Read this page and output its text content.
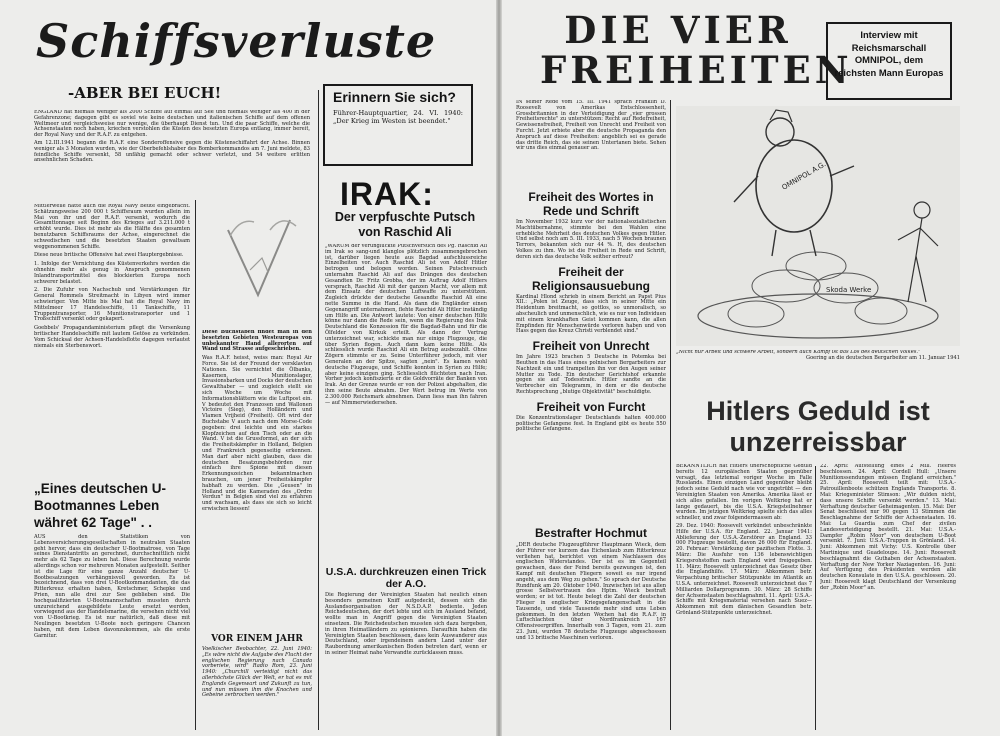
Schiffsverluste
-ABER BEI EUCH!	Erinnern Sie sich?
Führer-Hauptquartier, 24. VI. 1940: „Der Krieg im Westen ist beendet."

ENGLAND hat niemals weniger als 2000 Schiffe auf einmal auf See und niemals weniger als 400 in der Gefahrenzone; dagegen gibt es soviel wie keine deutschen und italienischen Schiffe auf dem offenen Weltmeer und vergleichsweise nur wenige, die überhaupt Dienst tun. Und die paar Schiffe, welche die Achsenstaaten noch haben, kriechen verstohlen die Küsten des besetzten Europa entlang, immer bereit, der Royal Navy und der R.A.F. zu entgehen.

Am 12.III.1941 begann die R.A.F. eine Sonderoffensive gegen die Küstenschiffahrt der Achse. Binnen weniger als 3 Monaten wurden, wie der Oberbefehlshaber des Bomberkommandos am 7. Juni meldete, 83 feindliche Schiffe versenkt, 58 unfähig gemacht oder schwer verletzt, und 54 weitere erlitten ansehnlichen Schaden.

Mittlerweile hatte auch die Royal Navy Beute eingebracht. Schätzungsweise 200 000 t Schiffsraum wurden allein im Mai von ihr und der R.A.F. versenkt, wodurch die Gesamttonnage seit Beginn des Krieges auf 3.211.000 t erhöht wurde. Dies ist mehr als die Hälfte des gesamten benutzbaren Schiffsraums der Achse, eingerechnet die schwedischen und die besetzten Staaten gewaltsam weggenommenen Schiffe.

Diese neue britische Offensive hat zwei Hauptergebnisse.

1. Infolge der Vernichtung des Küstenverkehrs werden die ohnehin mehr als genug in Anspruch genommenen Inlandtransportmittel des blockierten Europa noch schwerer belastet.

2. Die Zufuhr von Nachschub und Verstärkungen für General Rommels Streitmacht in Libyen wird immer schwieriger. Von Mitte bis Mai hat die Royal Navy im Mittelmeer 17 Handelsschiffe, 11 Tankschiffe, 11 Truppentransporter, 16 Munitionstransporter und 1 Troßschiff versenkt oder gekapert.

Goebbels' Propagandaministerium pflegt die Versenkung britischer Handelsschiffe mit lautem Getöse zu verkünden. Vom Schicksal der Achsen-Handelsflotte dagegen verlautet niemals ein Sterbenswort.

„Eines deutschen U-Bootmannes Leben währet 62 Tage" . .

AUS den Statistiken von Lebensversicherungsgesellschaften in neutralen Staaten geht hervor, dass ein deutscher U-Bootmatrose, von Tage seines Dienstantritts an gerechnet, durchschnittlich nicht mehr als 62 Tage zu leben hat. Diese Berechnung wurde allerdings schon vor mehreren Monaten aufgestellt. Seither ist die Lage für eine ganze Anzahl deutscher U-Bootbesatzungen verhängnisvoll geworden. Es ist bezeichnend, dass von drei U-Bootkommandanten, die das Ritterkreuz erhalten haben, Kretschmer, Schepke und Prien, nun alle drei zur See geblieben sind. Die hochqualifizierten U-Bootmannschaften mussten durch unzureichend ausgebildete Leute ersetzt werden, vorwiegend aus der Handelsmarine, die versehen nicht viel von U-Bootkrieg. Es ist nur natürlich, daß diese mit Neulingen besetzten U-Boote noch geringere Chancen haben, mit dem Leben davonzukommen, als die erste Garnitur.

Diese Buchstaben findet man in den besetzten Gebieten Westeuropas von unbekannter Hand allerorten auf Wand und Strasse aufgeschrieben.

Was R.A.F. heisst, weiss man: Royal Air Force. Sie ist der Freund der versklavten Nationen. Sie vernichtet die Ölbanks, Kasernen, Munitionslager, Invasionsbarken und Docks der deutschen Gewalthaber — und zugleich stellt sie sich Woche um Woche mit Informationsblättern wie die Luftpost ein. V bedeutet den Franzosen und Wallonen Victoire (Sieg), den Holländern und Vlamen Vrijheid (Freiheit). Oft wird der Buchstabe V auch nach dem Morse-Code gegeben: drei leichte und ein starkes Klopfzeichen auf den Tisch oder an die Wand. V ist die Grussformel, an der sich die Freiheitskämpfer in Holland, Belgien und Frankreich gegenseitig erkennen. Man darf aber nicht glauben, dass die deutschen Besatzungsbehörden nur einfach ihre Spione mit diesen Erkennungszeichen bekanntmachen brauchen, um jener Freiheitskämpfer habhaft zu werden. Die „Geusen" in Holland und die Kameraden des „Ordre Verdun" in Belgien sind viel zu erfahren und wachsam, als dass sie sich so leicht erwischen liessen!

VOR EINEM JAHR

Voelkischer Beobachter, 22. Juni 1940: „Es wäre nicht die Aufgabe des Flucht der englischen Regierung nach Canada vorberiete, wird" Radio Rom, 23. Juni 1940: „Churchill verteidigt nicht das allerhöchste Glück der Welt, er hat es mit Englands Gegenwart und Zukunft zu tun, und nun müssen ihm die Knochen und Gebeine zerbrochen werden."

IRAK:
Der verpfuschte Putsch von Raschid Ali

„WARUM der verunglückte Putschversuch des Pg. Raschid Ali im Irak so sang-und klanglos plötzlich zusammengebrochen ist, darüber liegen heute aus Bagdad aufschlussreiche Einzelheiten vor. Auch Raschid Ali ist von Adolf Hitler betrogen und belogen worden. Seinen Putschversuch unternahm Raschid Ali auf das Drängen des deutschen Gesandten Dr. Fritz Grobba, der im Auftrag Adolf Hitlers versprach, Raschid Ali mit der ganzen Macht, vor allem mit dem Einsatz der deutschen Luftwaffe zu unterstützen. Zugleich drückte der deutsche Gesandte Raschid Ali eine nette Summe in die Hand. Als dann die Engländer einen Gegenangriff unternahmen, flehte Raschid Ali Hitler inständig um Hilfe an. Die Antwort lautete: Von einer deutschen Hilfe könne nur dann die Rede sein, wenn die Regierung des Irak Deutschland die Konzession für die Bagdad-Bahn und für die Ölfelder von Kirkuk erteilt. Als dann der Vertrag unterzeichnet war, schickte man nur einige Flugzeuge, die über Syrien flogen. Auch dann kam keine Hilfe. Als schliesslich wurde Raschid Ali ein Betrag ausbezahlt. Ohne Zögern stimmte er zu. Seine Unterführer jedoch, mit vier Generalen an der Spitze, sagten „nein". Es kamen wohl deutsche Flugzeuge, und Schiffe konnten in Syrien zu Hilfe; aber keine einzigen ging. Schliesslich flüchteten nach Iran. Vorher jedoch konfiszierte er die Goldvorräte der Banken von Irak. An der Grenze wurde er von der Polizei abgehalten, die ihm seine Beute abnahm. Der Wert betrug im Werte von 2.300.000 Reichsmark abnehmen. Dann liess man ihn fahren — auf Nimmerwiedersehen.

U.S.A. durchkreuzen einen Trick der A.O.

Die Regierung der Vereinigten Staaten hat neulich einen besonders gemeinen Kniff aufgedeckt, dessen sich die Auslandsorganisation der N.S.D.A.P. bediente. Jeden Reichsdeutschen, der dort lebte und sich im Ausland befand, wollte man in Angriff gegen die Vereinigten Staaten einsetzen. Die Reichsdeutschen mussten sich dazu hergeben, in ihren Heimatländern zu spionieren. Daraufhin haben die Vereinigten Staaten beschlossen, dass kein Auswanderer aus Deutschland, oder irgendeinem andern Land unter der Raubordnung amerikanischen Boden betreten darf, wenn er in seiner Heimat nahe Verwandte zurücklassen muss.

DIE VIER FREIHEITEN
Interview mit Reichsmarschall OMNIPOL, dem reichsten Mann Europas

IN seiner Rede vom 15. III. 1941 sprach Franklin D. Roosevelt von Amerikas Entschlossenheit, Grossbritannien in der Verteidigung der „vier grossen Freiheitsrechte" zu unterstützen: Recht auf Redefreiheit, Gewissensfreiheit, Freiheit von Unrecht und Freiheit von Furcht. Jetzt erbiete aber die deutsche Propaganda den Anspruch auf diese Freiheiten: angeblich sei es gerade das dritte Reich, das sie seinen Untertanen biete. Sehen wir uns dies einmal genauer an.

Freiheit des Wortes in Rede und Schrift

Im November 1932 kurz vor der nationalsozialistischen Machtübernahme, stimmte bei den Wahlen eine erhebliche Mehrheit des deutschen Volkes gegen Hitler. Und selbst noch am 5. III. 1933, nach 5 Wochen braunen Terrors, bekannten sich nur 44 %. H, des deutschen Volkes zu ihm. Wo ist die Freiheit in Rede und Schrift, deren sich das deutsche Volk seither erfreut?

Freiheit der Religionsausuebung

Kardinal Hlond schrieb in einem Bericht an Papst Pius XII.: „Polen ist Zeuge, dass sich in seiner Mitte ein Heidentum breitmacht, so gottlos, so unmoralisch, so abscheulich und unmenschlich, wie es nur von Individuen mit einem krankhaften Geist kommen kann, die allen Empfinden für Menschenwürde verloren haben und von Hass gegen das Kreuz Christi verblendet sind."

Freiheit von Unrecht

Im Jahre 1923 brachen 5 Deutsche in Potemka bei Beuthen in das Haus eines polnischen Bergarbeiters zur Nachtzeit ein und trampelten ihn vor den Augen seiner Mutter zu Tode. Ein deutscher Gerichtshof erkannte gegen sie auf Todesstrafe. Hitler sandte an die Verbrecher ein Telegramm, in dem er die deutsche Rechtsprechung „blutige Objektivität" beschuldigte.

Freiheit von Furcht

Die Konzentrationslager Deutschlands halten 400.000 politische Gefangene fest. In England gibt es heute 550 politische Gefangene.

Bestrafter Hochmut

„DER deutsche Flugzeugführer Hauptmann Wieck, dem der Führer vor kurzem das Eichenlaub zum Ritterkreuz verliehen hat, berichtet von einem Nachlassen des englischen Widerstandes. Der ist es im Gegenteil gewachsen, dass der Feind bereits gezwungen ist, den Kampf mit deutschen Fliegern soweit es nur irgend angeht, aus dem Weg zu gehen." So sprach der Deutsche Rundfunk am 20. Oktober 1940. Inzwischen ist aus allen grosse Selbstvertrauen des Hptm. Wieck bestraft worden; er ist tot. Heute belegt die Zahl der deutschen Flieger in englischer Kriegsgefangenschaft in die Tausende, und viele Tausende mehr sind ums Leben gekommen. In den letzten Wochen hat die R.A.F. in Luftschlachten über Nordfrankreich 167 Offensiveergriffen. Innerhalb von 3 Tagen, vom 21. zum 23. Juni, wurden 78 deutsche Flugzeuge abgeschossen und 13 britische Maschinen verloren.

OMNIPOL A.G.
Skoda Werke

„Nicht nur Arbeit und schwere Arbeit, sondern auch Kampf ist das Los des deutschen Volkes."

Goering an die deutschen Bergarbeiter am 11. Januar 1941

Hitlers Geduld ist unzerreissbar

BEKANNTLICH hat Hitlers unerschöpfliche Geduld bereits 12 europäischen Staaten gegenüber versagt, das letztemal voriger Woche im Falle Russlands. Einen einzigen Land gegenüber bleibt jedoch seine Geduld nach wie vor ungetrübt — den Vereinigten Staaten von Amerika. Amerika lässt er sich alles gefallen. Im vorigen Weltkrieg hat er lange gedauert, bis die U.S.A. Kriegsteilnehmer wurden. Im jetzigen Weltkrieg spielte sich das alles schneller, und zwar folgendermassen ab:

29. Dez. 1940: Roosevelt verkündet unbeschränkte Hilfe der U.S.A. für England. 22. Januar 1941: Ablieferung der U.S.A.-Zerstörer an England. 33 000 Flugzeuge bestellt, davon 26 000 für England. 20. Februar: Verstärkung der pazifischen Flotte. 3. März: Die Ausfuhr von 136 lebenswichtigen Kriegsrohstoffen nach England wird freigegeben. 11. März: Roosevelt unterzeichnet das Gesetz über die Englandhilfe. 17. März: Abkommen betr. Verpachtung britischer Stützpunkte im Atlantik an U.S.A. unterzeichnet. Roosevelt unterzeichnet das 7 Milliarden Dollarprogramm. 30. März: 28 Schiffe der Achsenstaaten beschlagnahmt. 11. April: U.S.A.-Schiffe mit Kriegsmaterial versehen nach Suez—Abkommen mit dem dänischen Gesandten betr. Grönland-Stützpunkte unterzeichnet.

22. April: Aufstellung eines 2 Mill. Heeres beschlossen. 24. April: Cordell Hull: „Unsere Munitionssendungen müssen England erreichen." 25. April: Roosevelt teilt mit: U.S.A.-Patrouillenboote schützen Englands Transporte. 8. Mai: Kriegsminister Stimson: „Wir dulden nicht, dass unsere Schiffe versenkt werden." 13. Mai: Verhaftung deutscher Geheimagenten. 15. Mai: Der Senat beschliesst nur 90 gegen 13 Stimmen die Beschlagnahme der Schiffe der Achsenstaaten. 16. Mai: La Guardia zum Chef der zivilen Landesverteidigung bestellt. 21. Mai: U.S.A.-Dampfer „Robin Moor" von deutschem U-Boot versenkt. 7. Juni: U.S.A.-Truppen in Grönland. 14. Juni: Abkommen mit Vichy: U.S. Kontrolle über Martinique und Guadeloupe. 14. Juni: Roosevelt beschlagnahmt die Guthaben der Achsenstaaten. Verhaftung der New Yorker Naziagenten. 16. Juni: Auf Verfügung des Präsidenten werden alle deutschen Konsulate in den U.S.A. geschlossen. 20. Juni: Roosevelt klagt Deutschland der Versenkung der „Robin Moor" an.
